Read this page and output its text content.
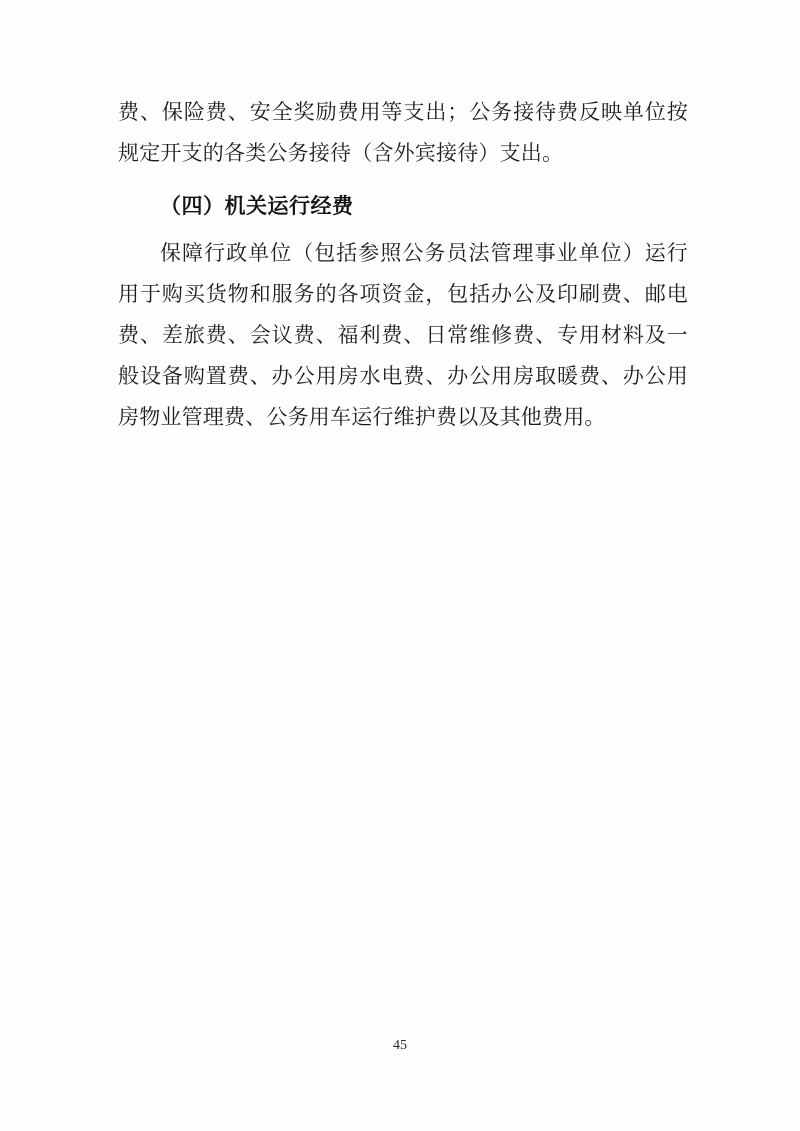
费、保险费、安全奖励费用等支出；公务接待费反映单位按规定开支的各类公务接待（含外宾接待）支出。

（四）机关运行经费

保障行政单位（包括参照公务员法管理事业单位）运行用于购买货物和服务的各项资金，包括办公及印刷费、邮电费、差旅费、会议费、福利费、日常维修费、专用材料及一般设备购置费、办公用房水电费、办公用房取暖费、办公用房物业管理费、公务用车运行维护费以及其他费用。

45
